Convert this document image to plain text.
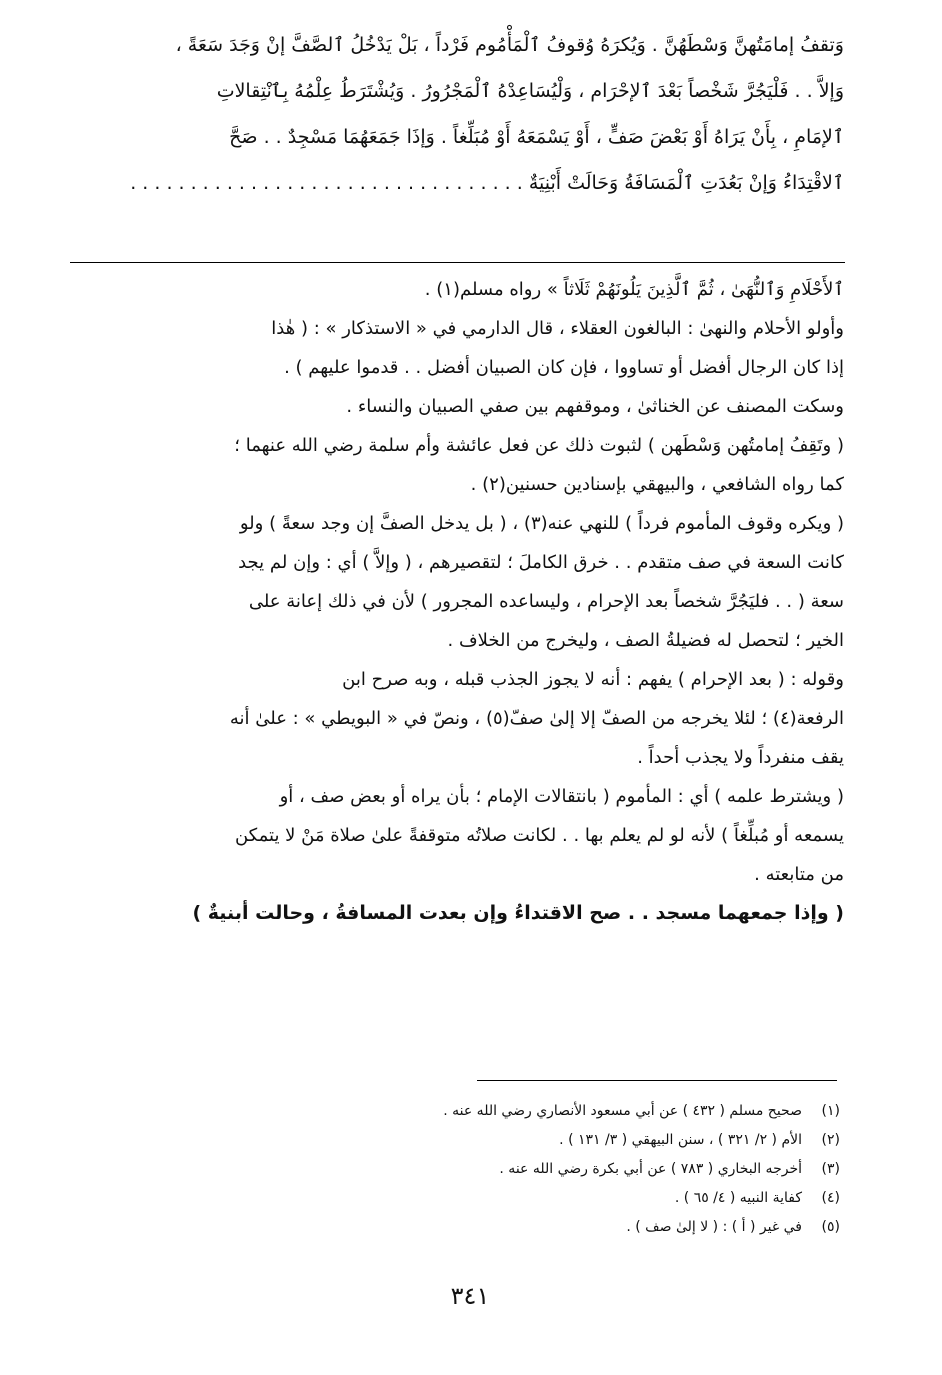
وَتقفُ إمامَتُهنَّ وَسْطَهُنَّ . وَيُكرَهُ وُقوفُ ٱلْمَأْمُوم فَرْداً ، بَلْ يَدْخُلُ ٱلصَّفَّ إنْ وَجَدَ سَعَةً ،
وَإلاَّ . . فَلْيَجُرَّ شَخْصاً بَعْدَ ٱلإحْرَام ، وَلْيُسَاعِدْهُ ٱلْمَجْرُورُ . وَيُشْتَرَطُ عِلْمُهُ بِٱنْتِقالاتِ
ٱلإمَامِ ، بِأَنْ يَرَاهُ أَوْ بَعْضَ صَفٍّ ، أَوْ يَسْمَعَهُ أَوْ مُبَلِّغاً . وَإذَا جَمَعَهُمَا مَسْجِدٌ . . صَحَّ
ٱلاقْتِدَاءُ وَإنْ بَعُدَتِ ٱلْمَسَافَةُ وَحَالَتْ أَبْنِيَةٌ . . . . . . . . . . . . . . . . . . . . . . . . . . . . . . . . .
ٱلأَحْلَامِ وَٱلنُّهَىٰ ، ثُمَّ ٱلَّذِينَ يَلُونَهُمْ ثَلَاثاً » رواه مسلم(١) .
وأولو الأحلام والنهىٰ : البالغون العقلاء ، قال الدارمي في « الاستذكار » : ( هٰذا
إذا كان الرجال أفضل أو تساووا ، فإن كان الصبيان أفضل . . قدموا عليهم ) .
وسكت المصنف عن الخناثىٰ ، وموقفهم بين صفي الصبيان والنساء .
( وتَقِفُ إمامتُهن وَسْطَهن ) لثبوت ذلك عن فعل عائشة وأم سلمة رضي الله عنهما ؛
كما رواه الشافعي ، والبيهقي بإسنادين حسنين(٢) .
( ويكره وقوف المأموم فرداً ) للنهي عنه(٣) ، ( بل يدخل الصفَّ إن وجد سعةً ) ولو
كانت السعة في صف متقدم . . خرق الكاملَ ؛ لتقصيرهم ، ( وإلاَّ ) أي : وإن لم يجد
سعة ( . . فليَجُرَّ شخصاً بعد الإحرام ، وليساعده المجرور ) لأن في ذلك إعانة على
الخير ؛ لتحصل له فضيلةُ الصف ، وليخرج من الخلاف .
وقوله : ( بعد الإحرام ) يفهم : أنه لا يجوز الجذب قبله ، وبه صرح ابن
الرفعة(٤) ؛ لئلا يخرجه من الصفّ إلا إلىٰ صفّ(٥) ، ونصّ في « البويطي » : علىٰ أنه
يقف منفرداً ولا يجذب أحداً .
( ويشترط علمه ) أي : المأموم ( بانتقالات الإمام ؛ بأن يراه أو بعض صف ، أو
يسمعه أو مُبلِّغاً ) لأنه لو لم يعلم بها . . لكانت صلاتُه متوقفةً علىٰ صلاة مَنْ لا يتمكن
من متابعته .
( وإذا جمعهما مسجد . . صح الاقتداءُ وإن بعدت المسافةُ ، وحالت أبنيةٌ )
(١)
صحيح مسلم ( ٤٣٢ ) عن أبي مسعود الأنصاري رضي الله عنه .
(٢)
الأم ( ٢/ ٣٢١ ) ، سنن البيهقي ( ٣/ ١٣١ ) .
(٣)
أخرجه البخاري ( ٧٨٣ ) عن أبي بكرة رضي الله عنه .
(٤)
كفاية النبيه ( ٤/ ٦٥ ) .
(٥)
في غير ( أ ) : ( لا إلىٰ صف ) .
٣٤١
